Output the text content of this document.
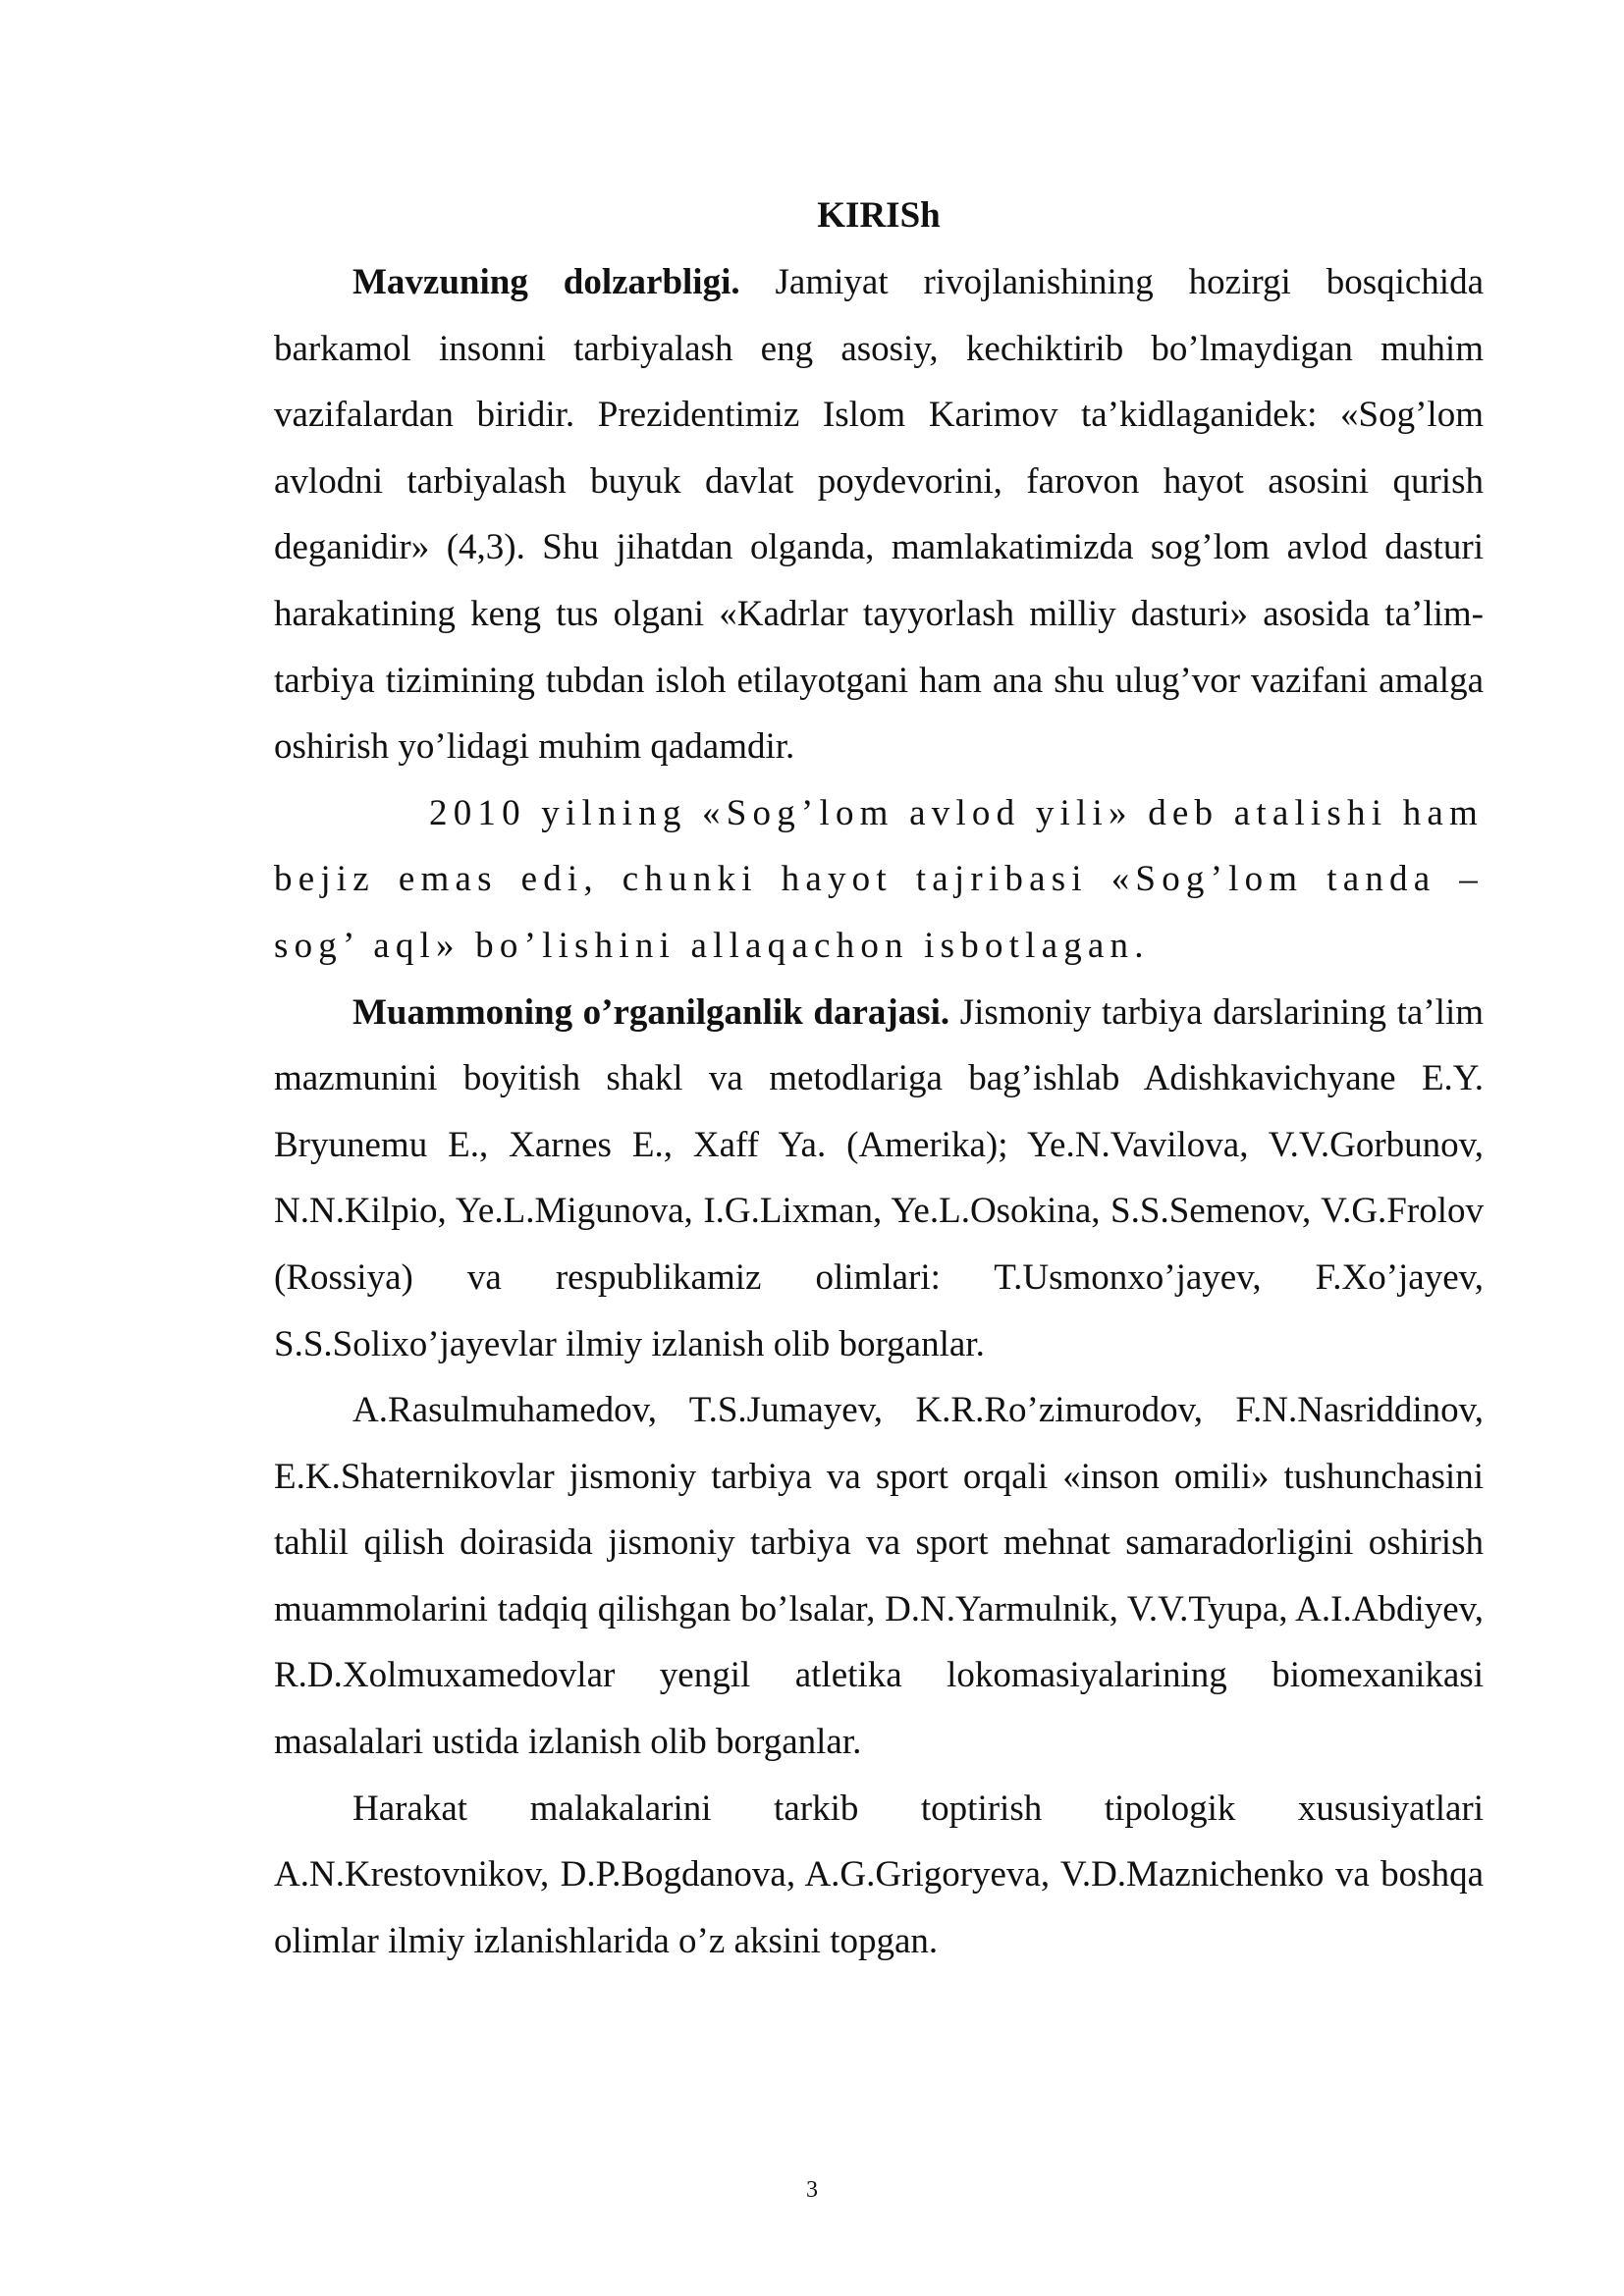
KIRISh

Mavzuning dolzarbligi. Jamiyat rivojlanishining hozirgi bosqichida barkamol insonni tarbiyalash eng asosiy, kechiktirib bo’lmaydigan muhim vazifalardan biridir. Prezidentimiz Islom Karimov ta’kidlaganidek: «Sog’lom avlodni tarbiyalash buyuk davlat poydevorini, farovon hayot asosini qurish deganidir» (4,3). Shu jihatdan olganda, mamlakatimizda sog’lom avlod dasturi harakatining keng tus olgani «Kadrlar tayyorlash milliy dasturi» asosida ta’lim-tarbiya tizimining tubdan isloh etilayotgani ham ana shu ulug’vor vazifani amalga oshirish yo’lidagi muhim qadamdir.

2010 yilning «Sog’lom avlod yili» deb atalishi ham bejiz emas edi, chunki hayot tajribasi «Sog’lom tanda – sog’ aql» bo’lishini allaqachon isbotlagan.

Muammoning o’rganilganlik darajasi. Jismoniy tarbiya darslarining ta’lim mazmunini boyitish shakl va metodlariga bag’ishlab Adishkavichyane E.Y. Bryunemu E., Xarnes E., Xaff Ya. (Amerika); Ye.N.Vavilova, V.V.Gorbunov, N.N.Kilpio, Ye.L.Migunova, I.G.Lixman, Ye.L.Osokina, S.S.Semenov, V.G.Frolov (Rossiya) va respublikamiz olimlari: T.Usmonxo’jayev, F.Xo’jayev, S.S.Solixo’jayevlar ilmiy izlanish olib borganlar.

A.Rasulmuhamedov, T.S.Jumayev, K.R.Ro’zimurodov, F.N.Nasriddinov, E.K.Shaternikovlar jismoniy tarbiya va sport orqali «inson omili» tushunchasini tahlil qilish doirasida jismoniy tarbiya va sport mehnat samaradorligini oshirish muammolarini tadqiq qilishgan bo’lsalar, D.N.Yarmulnik, V.V.Tyupa, A.I.Abdiyev, R.D.Xolmuxamedovlar yengil atletika lokomasiyalarining biomexanikasi masalalari ustida izlanish olib borganlar.

Harakat malakalarini tarkib toptirish tipologik xususiyatlari A.N.Krestovnikov, D.P.Bogdanova, A.G.Grigoryeva, V.D.Maznichenko va boshqa olimlar ilmiy izlanishlarida o’z aksini topgan.

3
